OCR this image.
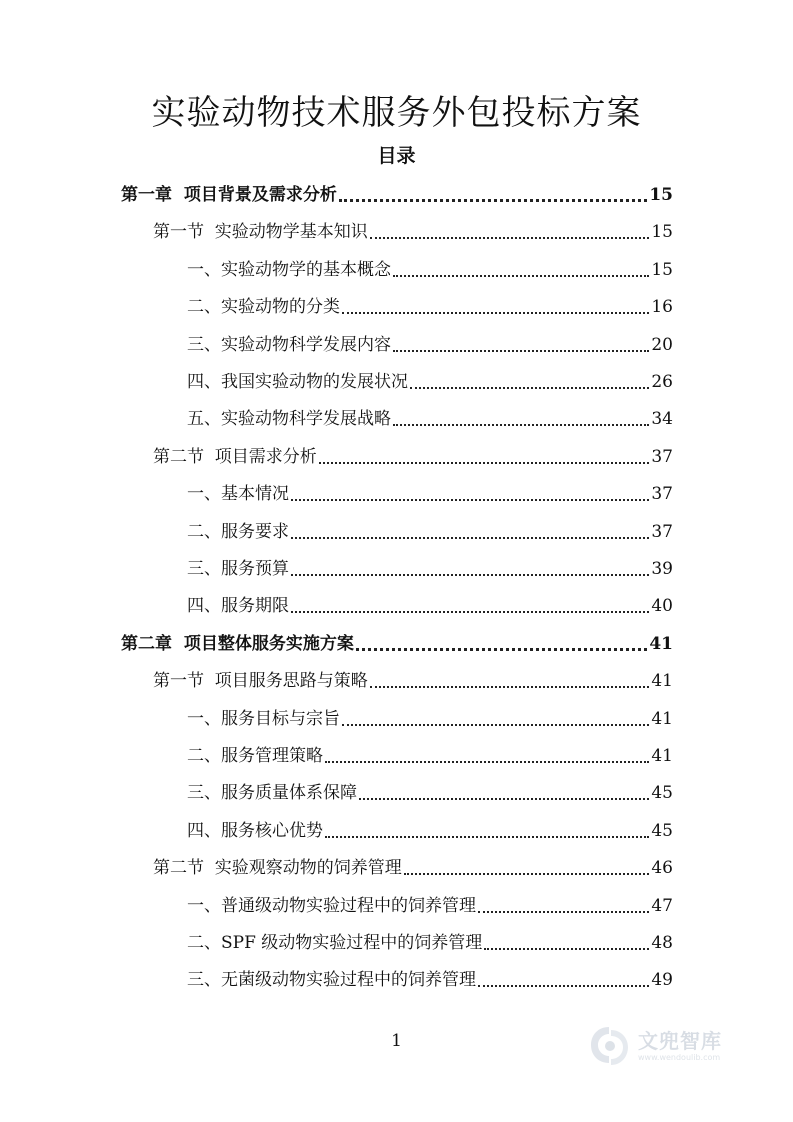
实验动物技术服务外包投标方案
目录
第一章  项目背景及需求分析	15
第一节  实验动物学基本知识	15
一、实验动物学的基本概念	15
二、实验动物的分类	16
三、实验动物科学发展内容	20
四、我国实验动物的发展状况	26
五、实验动物科学发展战略	34
第二节  项目需求分析	37
一、基本情况	37
二、服务要求	37
三、服务预算	39
四、服务期限	40
第二章  项目整体服务实施方案	41
第一节  项目服务思路与策略	41
一、服务目标与宗旨	41
二、服务管理策略	41
三、服务质量体系保障	45
四、服务核心优势	45
第二节  实验观察动物的饲养管理	46
一、普通级动物实验过程中的饲养管理	47
二、SPF 级动物实验过程中的饲养管理	48
三、无菌级动物实验过程中的饲养管理	49
1	文兜智库
www.wendoulib.com
